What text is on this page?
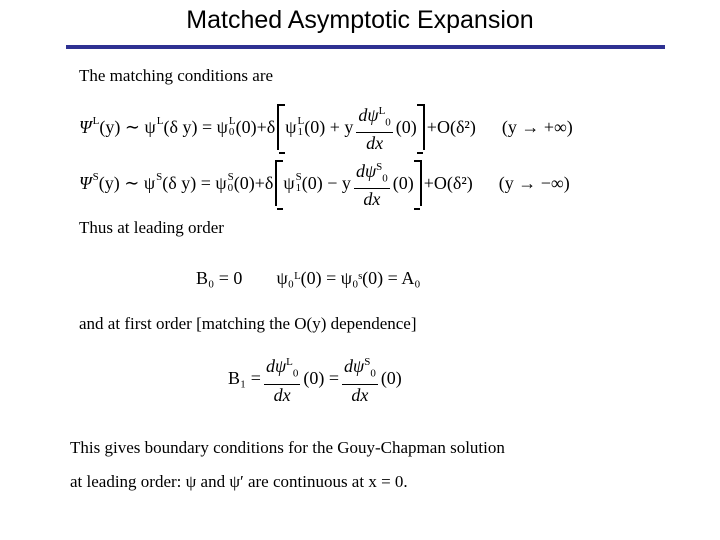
Matched Asymptotic Expansion
The matching conditions are
Ψ L
(y) ∼ ψ L
(δ y) = ψ L
0 (0)+δ ψ L
1 (0) + y $\frac{d\psi^L_0}{dx} (0) +O(\delta^2) (y$ → +∞)
Ψ S
(y) ∼ ψ S
(δ y) = ψ S
0 (0)+δ ψ S
1 (0) − y $\frac{d\psi^S_0}{dx} (0) +O(\delta^2) (y$ → −∞)
Thus at leading order
B₀ = 0 ψ₀ᴸ(0) = ψ₀ˢ(0) = A₀
and at first order [matching the O(y) dependence]
$B_1 = \frac{d\psi^L_0}{dx} (0) = \frac{d\psi^S_0}{dx} (0)$
This gives boundary conditions for the Gouy-Chapman solution
at leading order: ψ and ψ′ are continuous at x = 0.
